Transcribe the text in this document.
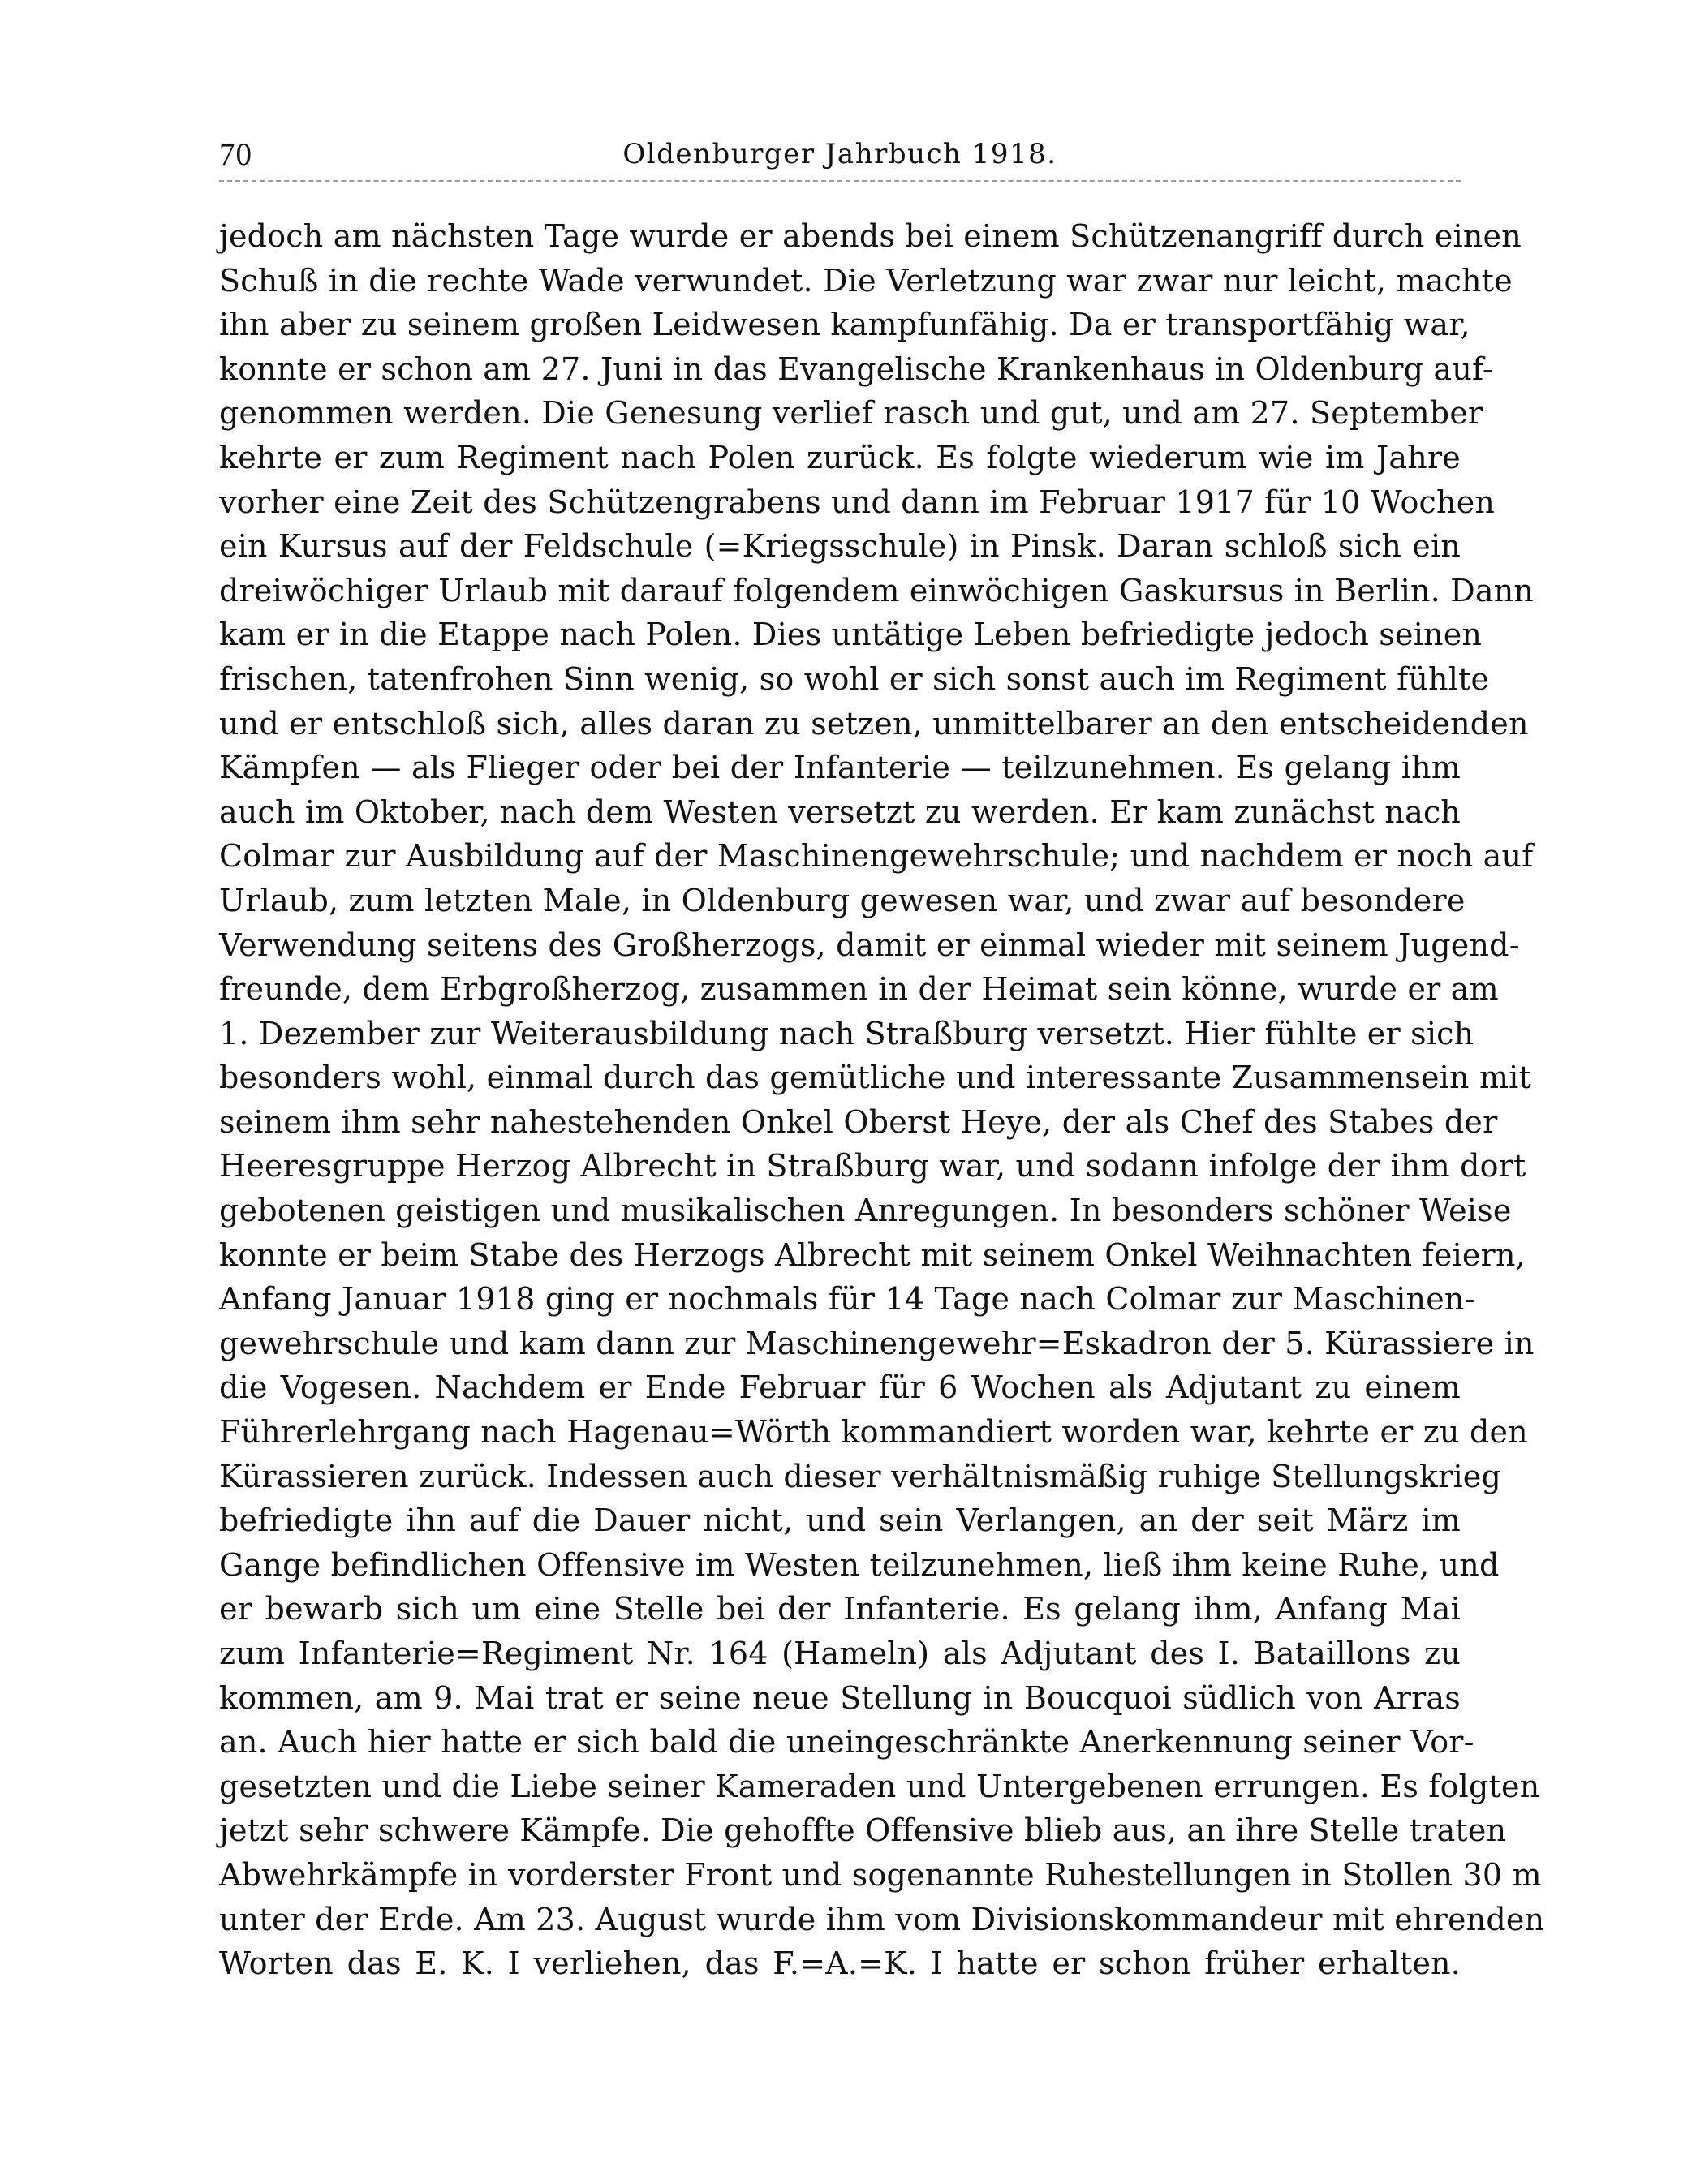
70	Oldenburger Jahrbuch 1918.
jedoch am nächsten Tage wurde er abends bei einem Schützenangriff durch einen
Schuß in die rechte Wade verwundet. Die Verletzung war zwar nur leicht, machte
ihn aber zu seinem großen Leidwesen kampfunfähig. Da er transportfähig war,
konnte er schon am 27. Juni in das Evangelische Krankenhaus in Oldenburg auf-
genommen werden. Die Genesung verlief rasch und gut, und am 27. September
kehrte er zum Regiment nach Polen zurück. Es folgte wiederum wie im Jahre
vorher eine Zeit des Schützengrabens und dann im Februar 1917 für 10 Wochen
ein Kursus auf der Feldschule (=Kriegsschule) in Pinsk. Daran schloß sich ein
dreiwöchiger Urlaub mit darauf folgendem einwöchigen Gaskursus in Berlin. Dann
kam er in die Etappe nach Polen. Dies untätige Leben befriedigte jedoch seinen
frischen, tatenfrohen Sinn wenig, so wohl er sich sonst auch im Regiment fühlte
und er entschloß sich, alles daran zu setzen, unmittelbarer an den entscheidenden
Kämpfen — als Flieger oder bei der Infanterie — teilzunehmen. Es gelang ihm
auch im Oktober, nach dem Westen versetzt zu werden. Er kam zunächst nach
Colmar zur Ausbildung auf der Maschinengewehrschule; und nachdem er noch auf
Urlaub, zum letzten Male, in Oldenburg gewesen war, und zwar auf besondere
Verwendung seitens des Großherzogs, damit er einmal wieder mit seinem Jugend-
freunde, dem Erbgroßherzog, zusammen in der Heimat sein könne, wurde er am
1. Dezember zur Weiterausbildung nach Straßburg versetzt. Hier fühlte er sich
besonders wohl, einmal durch das gemütliche und interessante Zusammensein mit
seinem ihm sehr nahestehenden Onkel Oberst Heye, der als Chef des Stabes der
Heeresgruppe Herzog Albrecht in Straßburg war, und sodann infolge der ihm dort
gebotenen geistigen und musikalischen Anregungen. In besonders schöner Weise
konnte er beim Stabe des Herzogs Albrecht mit seinem Onkel Weihnachten feiern,
Anfang Januar 1918 ging er nochmals für 14 Tage nach Colmar zur Maschinen-
gewehrschule und kam dann zur Maschinengewehr=Eskadron der 5. Kürassiere in
die Vogesen. Nachdem er Ende Februar für 6 Wochen als Adjutant zu einem
Führerlehrgang nach Hagenau=Wörth kommandiert worden war, kehrte er zu den
Kürassieren zurück. Indessen auch dieser verhältnismäßig ruhige Stellungskrieg
befriedigte ihn auf die Dauer nicht, und sein Verlangen, an der seit März im
Gange befindlichen Offensive im Westen teilzunehmen, ließ ihm keine Ruhe, und
er bewarb sich um eine Stelle bei der Infanterie. Es gelang ihm, Anfang Mai
zum Infanterie=Regiment Nr. 164 (Hameln) als Adjutant des I. Bataillons zu
kommen, am 9. Mai trat er seine neue Stellung in Boucquoi südlich von Arras
an. Auch hier hatte er sich bald die uneingeschränkte Anerkennung seiner Vor-
gesetzten und die Liebe seiner Kameraden und Untergebenen errungen. Es folgten
jetzt sehr schwere Kämpfe. Die gehoffte Offensive blieb aus, an ihre Stelle traten
Abwehrkämpfe in vorderster Front und sogenannte Ruhestellungen in Stollen 30 m
unter der Erde. Am 23. August wurde ihm vom Divisionskommandeur mit ehrenden
Worten das E. K. I verliehen, das F.=A.=K. I hatte er schon früher erhalten.
